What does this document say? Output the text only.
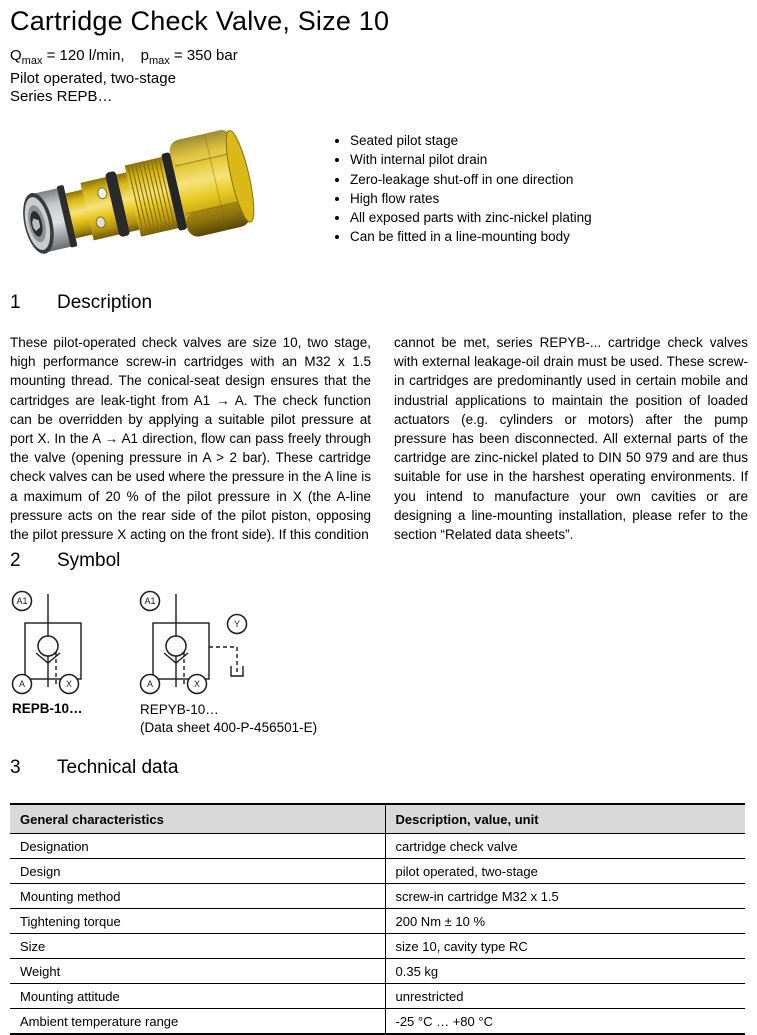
Cartridge Check Valve, Size 10
$Q_{max} = 120$ l/min, $p_{max} = 350$ bar
Pilot operated, two-stage
Series REPB…
• Seated pilot stage
• With internal pilot drain
• Zero-leakage shut-off in one direction
• High flow rates
• All exposed parts with zinc-nickel plating
• Can be fitted in a line-mounting body
1 Description
These pilot-operated check valves are size 10, two stage, high performance screw-in cartridges with an M32 x 1.5 mounting thread. The conical-seat design ensures that the cartridges are leak-tight from A1 → A. The check function can be overridden by applying a suitable pilot pressure at port X. In the A → A1 direction, flow can pass freely through the valve (opening pressure in A > 2 bar). These cartridge check valves can be used where the pressure in the A line is a maximum of 20 % of the pilot pressure in X (the A-line pressure acts on the rear side of the pilot piston, opposing the pilot pressure X acting on the front side). If this condition
cannot be met, series REPYB-... cartridge check valves with external leakage-oil drain must be used. These screw-in cartridges are predominantly used in certain mobile and industrial applications to maintain the position of loaded actuators (e.g. cylinders or motors) after the pump pressure has been disconnected. All external parts of the cartridge are zinc-nickel plated to DIN 50 979 and are thus suitable for use in the harshest operating environments. If you intend to manufacture your own cavities or are designing a line-mounting installation, please refer to the section “Related data sheets”.
2 Symbol
A1
A	X
A1
Y
A	X
REPB-10…	REPYB-10…
(Data sheet 400-P-456501-E)
3 Technical data
General characteristics	Description, value, unit
Designation	cartridge check valve
Design	pilot operated, two-stage
Mounting method	screw-in cartridge M32 x 1.5
Tightening torque	200 Nm ± 10 %
Size	size 10, cavity type RC
Weight	0.35 kg
Mounting attitude	unrestricted
Ambient temperature range	-25 °C … +80 °C
